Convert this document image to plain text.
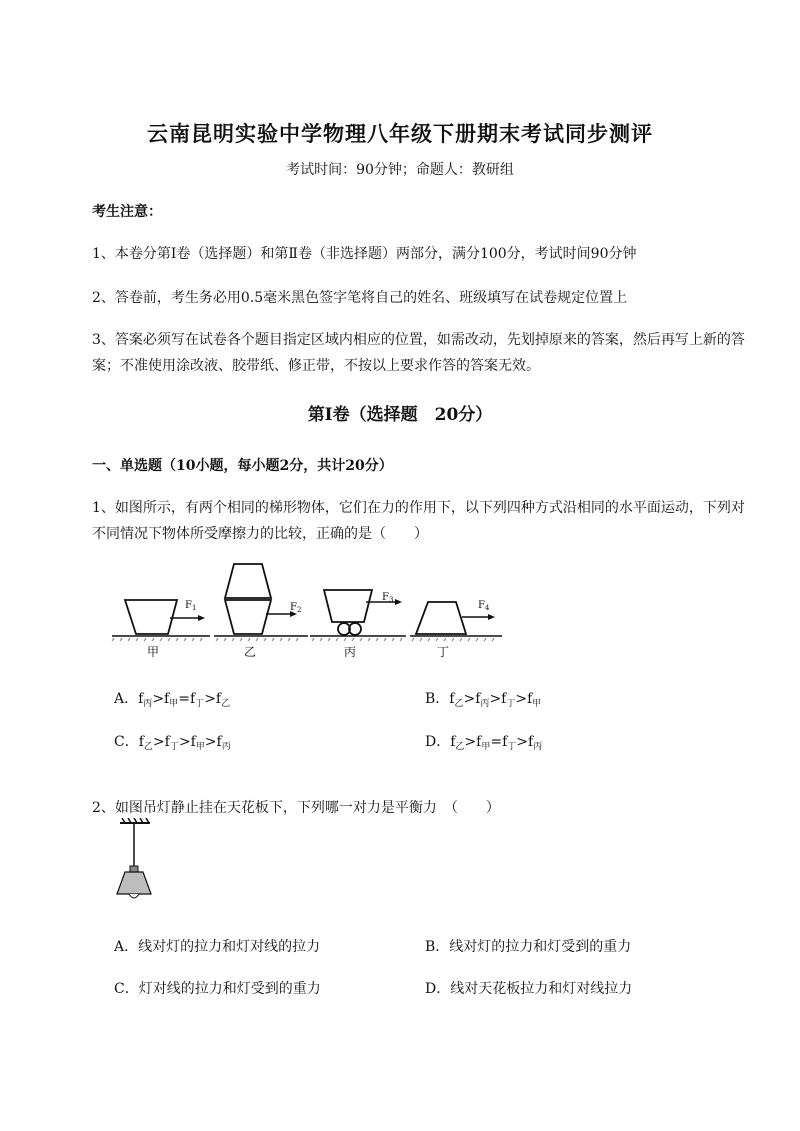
云南昆明实验中学物理八年级下册期末考试同步测评
考试时间：90分钟；命题人：教研组
考生注意：
1、本卷分第I卷（选择题）和第Ⅱ卷（非选择题）两部分，满分100分，考试时间90分钟
2、答卷前，考生务必用0.5毫米黑色签字笔将自己的姓名、班级填写在试卷规定位置上
3、答案必须写在试卷各个题目指定区域内相应的位置，如需改动，先划掉原来的答案，然后再写上新的答案；不准使用涂改液、胶带纸、修正带，不按以上要求作答的答案无效。
第I卷（选择题　20分）
一、单选题（10小题，每小题2分，共计20分）
1、如图所示，有两个相同的梯形物体，它们在力的作用下，以下列四种方式沿相同的水平面运动，下列对不同情况下物体所受摩擦力的比较，正确的是（　　）
$F_1$	$F_2$
$F_3$	$F_4$
甲	乙	丙	丁
A．$f_丙>f_甲=f_丁>f_乙$	B．$f_乙>f_丙>f_丁>f_甲$
C．$f_乙>f_丁>f_甲>f_丙$	D．$f_乙>f_甲=f_丁>f_丙$
2、如图吊灯静止挂在天花板下，下列哪一对力是平衡力　（　　）
A．线对灯的拉力和灯对线的拉力	B．线对灯的拉力和灯受到的重力
C．灯对线的拉力和灯受到的重力	D．线对天花板拉力和灯对线拉力
